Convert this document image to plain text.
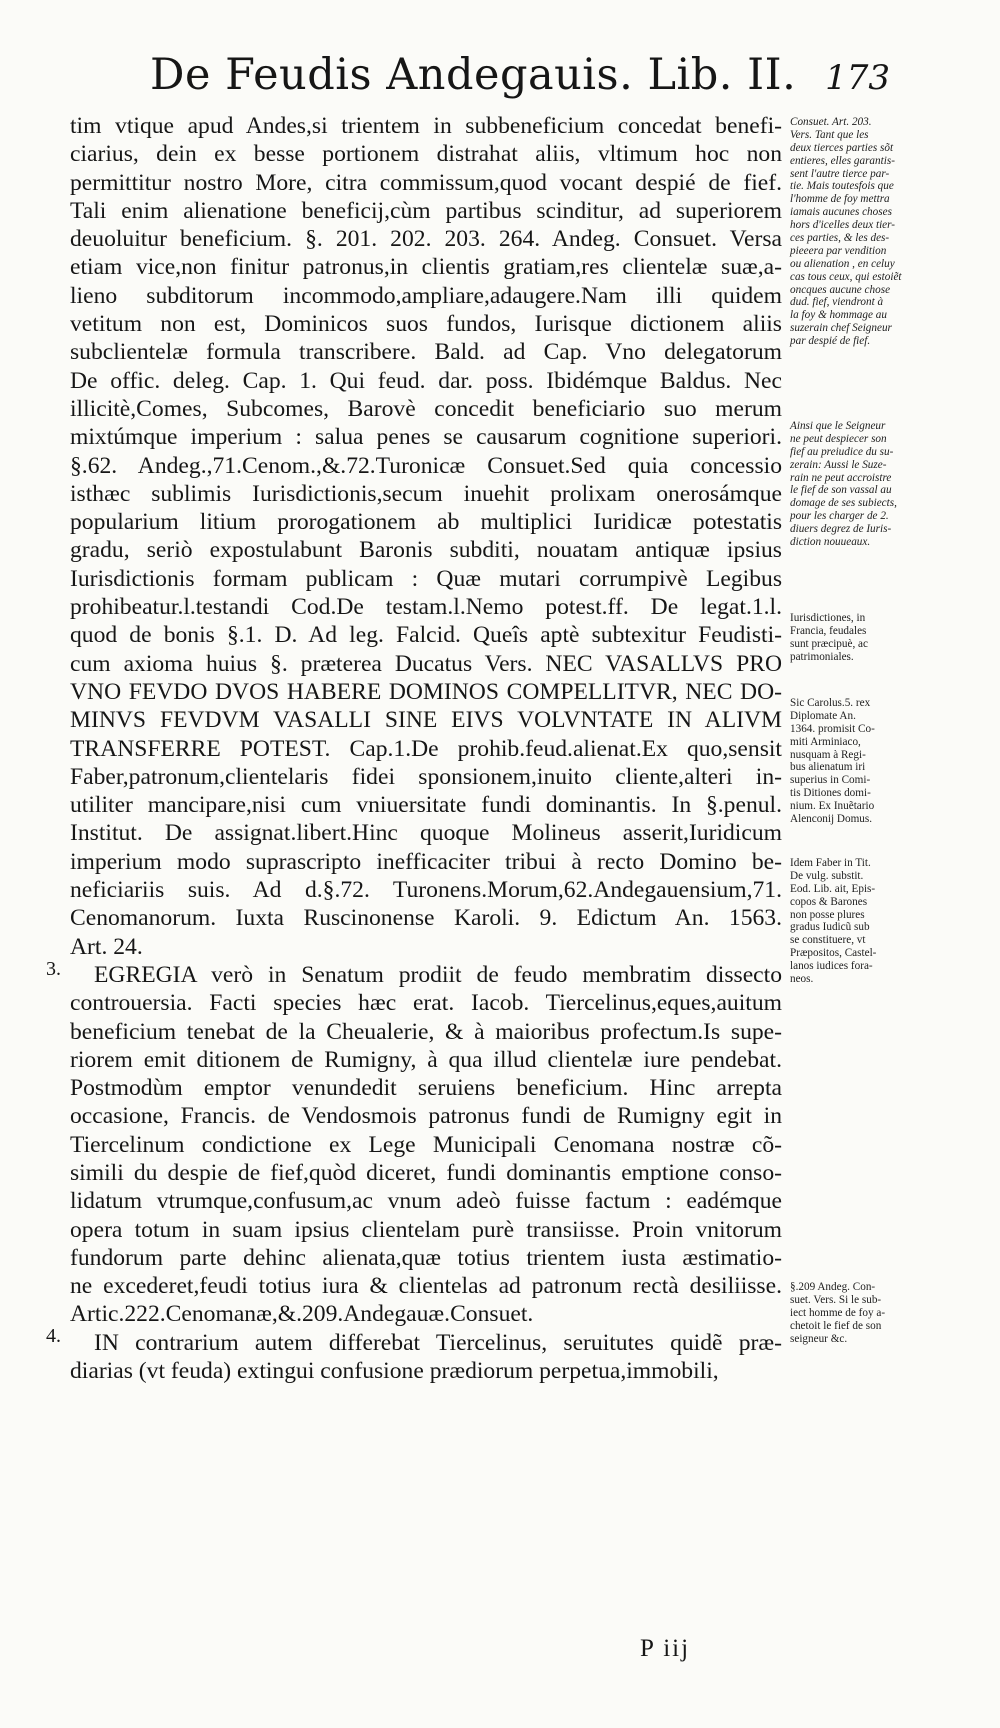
De Feudis Andegauis. Lib. II. 173
tim vtique apud Andes,si trientem in subbeneficium concedat benefi-
ciarius, dein ex besse portionem distrahat aliis, vltimum hoc non
permittitur nostro More, citra commissum,quod vocant despié de fief.
Tali enim alienatione beneficij,cùm partibus scinditur, ad superiorem
deuoluitur beneficium. §. 201. 202. 203. 264. Andeg. Consuet. Versa
etiam vice,non finitur patronus,in clientis gratiam,res clientelæ suæ,a-
lieno subditorum incommodo,ampliare,adaugere.Nam illi quidem
vetitum non est, Dominicos suos fundos, Iurisque dictionem aliis
subclientelæ formula transcribere. Bald. ad Cap. Vno delegatorum
De offic. deleg. Cap. 1. Qui feud. dar. poss. Ibidémque Baldus. Nec
illicitè,Comes, Subcomes, Barovè concedit beneficiario suo merum
mixtúmque imperium : salua penes se causarum cognitione superiori.
§.62. Andeg.,71.Cenom.,&.72.Turonicæ Consuet.Sed quia concessio
isthæc sublimis Iurisdictionis,secum inuehit prolixam onerosámque
popularium litium prorogationem ab multiplici Iuridicæ potestatis
gradu, seriò expostulabunt Baronis subditi, nouatam antiquæ ipsius
Iurisdictionis formam publicam : Quæ mutari corrumpivè Legibus
prohibeatur.l.testandi Cod.De testam.l.Nemo potest.ff. De legat.1.l.
quod de bonis §.1. D. Ad leg. Falcid. Queîs aptè subtexitur Feudisti-
cum axioma huius §. præterea Ducatus Vers. NEC VASALLVS PRO
VNO FEVDO DVOS HABERE DOMINOS COMPELLITVR, NEC DO-
MINVS FEVDVM VASALLI SINE EIVS VOLVNTATE IN ALIVM
TRANSFERRE POTEST. Cap.1.De prohib.feud.alienat.Ex quo,sensit
Faber,patronum,clientelaris fidei sponsionem,inuito cliente,alteri in-
utiliter mancipare,nisi cum vniuersitate fundi dominantis. In §.penul.
Institut. De assignat.libert.Hinc quoque Molineus asserit,Iuridicum
imperium modo suprascripto inefficaciter tribui à recto Domino be-
neficiariis suis. Ad d.§.72. Turonens.Morum,62.Andegauensium,71.
Cenomanorum. Iuxta Ruscinonense Karoli. 9. Edictum An. 1563.
Art. 24.
EGREGIA verò in Senatum prodiit de feudo membratim dissecto
controuersia. Facti species hæc erat. Iacob. Tiercelinus,eques,auitum
beneficium tenebat de la Cheualerie, & à maioribus profectum.Is supe-
riorem emit ditionem de Rumigny, à qua illud clientelæ iure pendebat.
Postmodùm emptor venundedit seruiens beneficium. Hinc arrepta
occasione, Francis. de Vendosmois patronus fundi de Rumigny egit in
Tiercelinum condictione ex Lege Municipali Cenomana nostræ cõ-
simili du despie de fief,quòd diceret, fundi dominantis emptione conso-
lidatum vtrumque,confusum,ac vnum adeò fuisse factum : eadémque
opera totum in suam ipsius clientelam purè transiisse. Proin vnitorum
fundorum parte dehinc alienata,quæ totius trientem iusta æstimatio-
ne excederet,feudi totius iura & clientelas ad patronum rectà desiliisse.
Artic.222.Cenomanæ,&.209.Andegauæ.Consuet.
IN contrarium autem differebat Tiercelinus, seruitutes quidẽ præ-
diarias (vt feuda) extingui confusione prædiorum perpetua,immobili,
3.
4.
Consuet. Art. 203.
Vers. Tant que les
deux tierces parties sõt
entieres, elles garantis-
sent l'autre tierce par-
tie. Mais toutesfois que
l'homme de foy mettra
iamais aucunes choses
hors d'icelles deux tier-
ces parties, & les des-
pieeera par vendition
ou alienation , en celuy
cas tous ceux, qui estoiẽt
oncques aucune chose
dud. fief, viendront à
la foy & hommage au
suzerain chef Seigneur
par despié de fief.
Ainsi que le Seigneur
ne peut despiecer son
fief au preiudice du su-
zerain: Aussi le Suze-
rain ne peut accroistre
le fief de son vassal au
domage de ses subiects,
pour les charger de 2.
diuers degrez de Iuris-
diction nouueaux.
Iurisdictiones, in
Francia, feudales
sunt præcipuè, ac
patrimoniales.
Sic Carolus.5. rex
Diplomate An.
1364. promisit Co-
miti Arminiaco,
nusquam à Regi-
bus alienatum iri
superius in Comi-
tis Ditiones domi-
nium. Ex Inuẽtario
Alenconij Domus.
Idem Faber in Tit.
De vulg. substit.
Eod. Lib. ait, Epis-
copos & Barones
non posse plures
gradus Iudicũ sub
se constituere, vt
Præpositos, Castel-
lanos iudices fora-
neos.
§.209 Andeg. Con-
suet. Vers. Si le sub-
iect homme de foy a-
chetoit le fief de son
seigneur &c.
P iij
